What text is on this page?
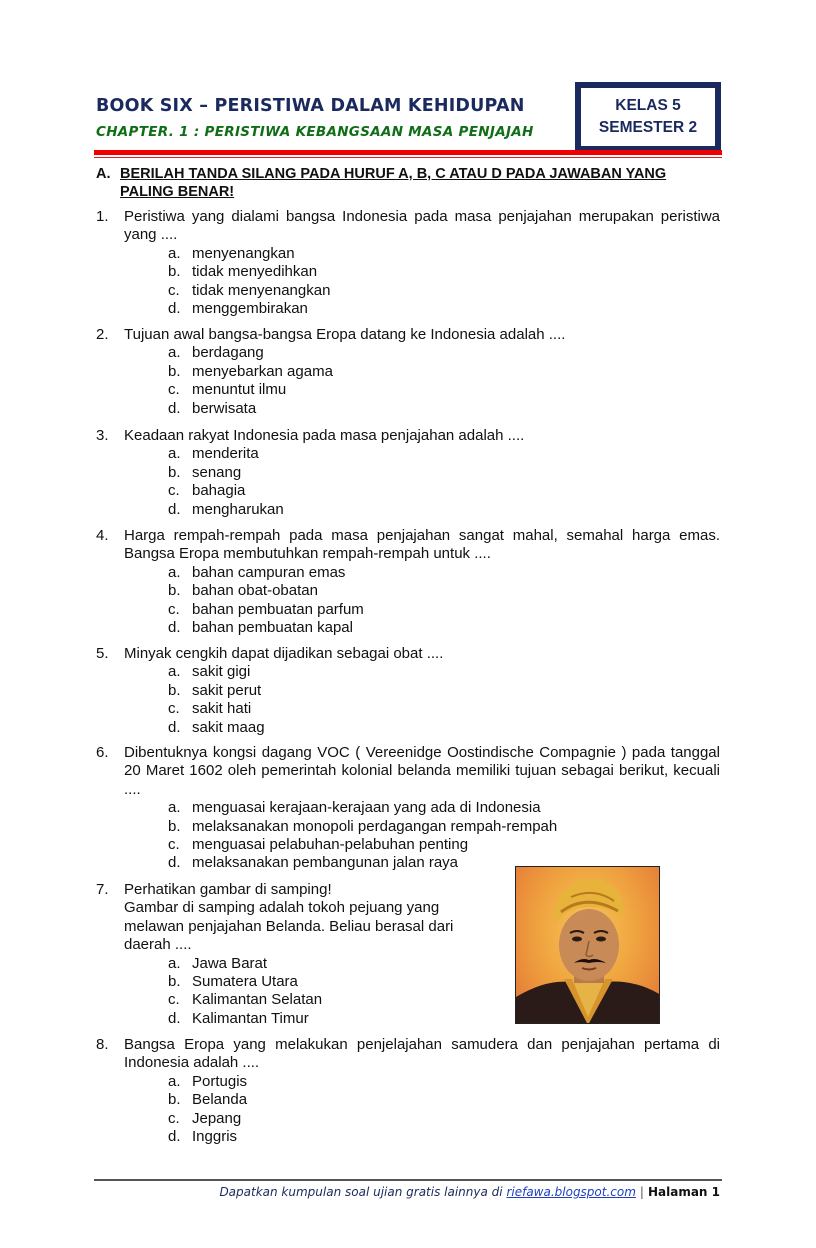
BOOK SIX – PERISTIWA DALAM KEHIDUPAN
CHAPTER. 1 : PERISTIWA KEBANGSAAN MASA PENJAJAH
KELAS 5
SEMESTER 2
A. BERILAH TANDA SILANG PADA HURUF A, B, C ATAU D PADA JAWABAN YANG PALING BENAR!
1. Peristiwa yang dialami bangsa Indonesia pada masa penjajahan merupakan peristiwa yang ....
a. menyenangkan
b. tidak menyedihkan
c. tidak menyenangkan
d. menggembirakan
2. Tujuan awal bangsa-bangsa Eropa datang ke Indonesia adalah ....
a. berdagang
b. menyebarkan agama
c. menuntut ilmu
d. berwisata
3. Keadaan rakyat Indonesia pada masa penjajahan adalah ....
a. menderita
b. senang
c. bahagia
d. mengharukan
4. Harga rempah-rempah pada masa penjajahan sangat mahal, semahal harga emas. Bangsa Eropa membutuhkan rempah-rempah untuk ....
a. bahan campuran emas
b. bahan obat-obatan
c. bahan pembuatan parfum
d. bahan pembuatan kapal
5. Minyak cengkih dapat dijadikan sebagai obat ....
a. sakit gigi
b. sakit perut
c. sakit hati
d. sakit maag
6. Dibentuknya kongsi dagang VOC ( Vereenidge Oostindische Compagnie ) pada tanggal 20 Maret 1602 oleh pemerintah kolonial belanda memiliki tujuan sebagai berikut, kecuali ....
a. menguasai kerajaan-kerajaan yang ada di Indonesia
b. melaksanakan monopoli perdagangan rempah-rempah
c. menguasai pelabuhan-pelabuhan penting
d. melaksanakan pembangunan jalan raya
7. Perhatikan gambar di samping!
Gambar di samping adalah tokoh pejuang yang melawan penjajahan Belanda. Beliau berasal dari daerah ....
a. Jawa Barat
b. Sumatera Utara
c. Kalimantan Selatan
d. Kalimantan Timur
8. Bangsa Eropa yang melakukan penjelajahan samudera dan penjajahan pertama di Indonesia adalah ....
a. Portugis
b. Belanda
c. Jepang
d. Inggris
Dapatkan kumpulan soal ujian gratis lainnya di riefawa.blogspot.com | Halaman 1
